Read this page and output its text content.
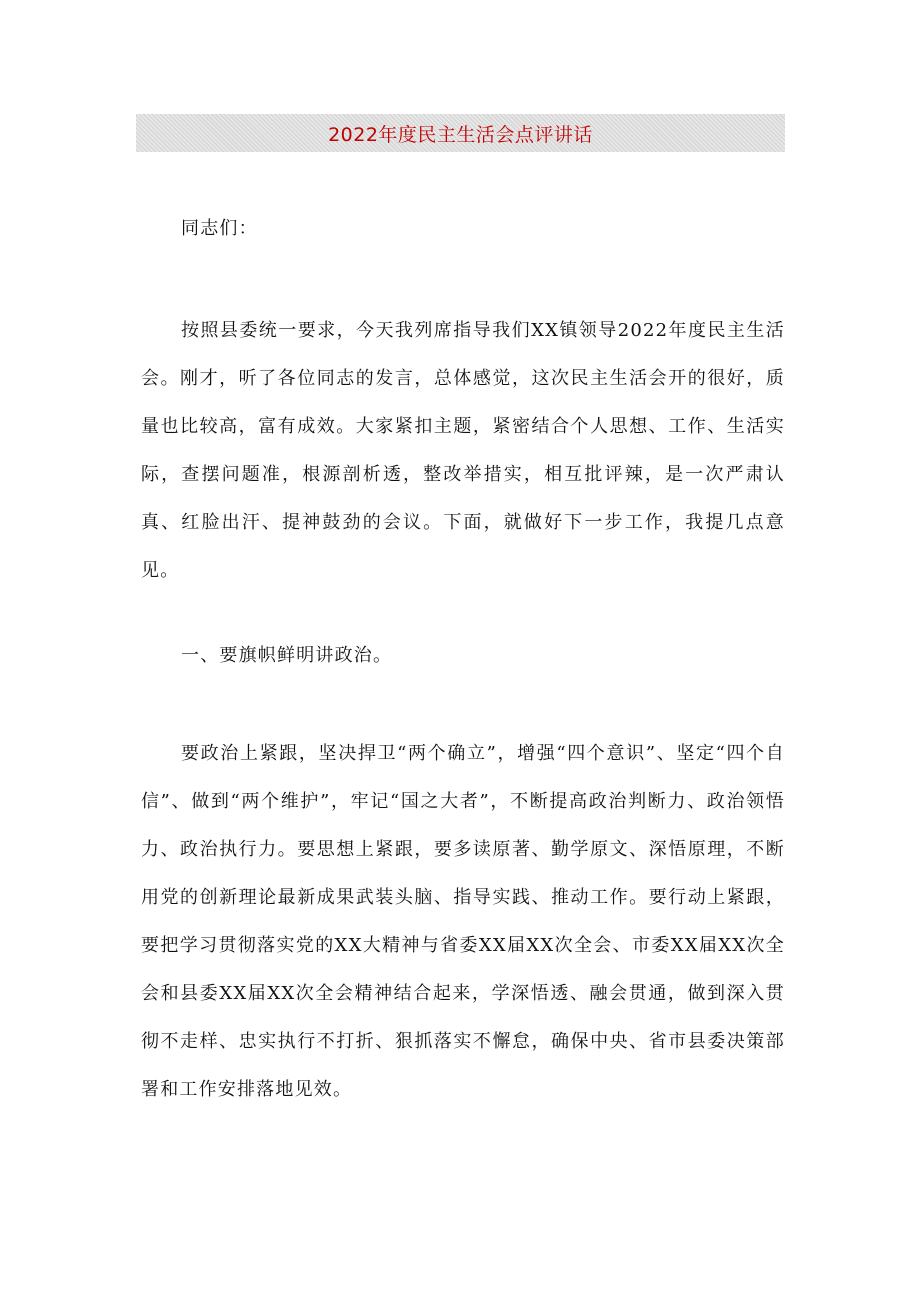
2022年度民主生活会点评讲话

同志们：

按照县委统一要求，今天我列席指导我们XX镇领导2022年度民主生活会。刚才，听了各位同志的发言，总体感觉，这次民主生活会开的很好，质量也比较高，富有成效。大家紧扣主题，紧密结合个人思想、工作、生活实际，查摆问题准，根源剖析透，整改举措实，相互批评辣，是一次严肃认真、红脸出汗、提神鼓劲的会议。下面，就做好下一步工作，我提几点意见。

一、要旗帜鲜明讲政治。

要政治上紧跟，坚决捍卫“两个确立”，增强“四个意识”、坚定“四个自信”、做到“两个维护”，牢记“国之大者”，不断提高政治判断力、政治领悟力、政治执行力。要思想上紧跟，要多读原著、勤学原文、深悟原理，不断用党的创新理论最新成果武装头脑、指导实践、推动工作。要行动上紧跟，要把学习贯彻落实党的XX大精神与省委XX届XX次全会、市委XX届XX次全会和县委XX届XX次全会精神结合起来，学深悟透、融会贯通，做到深入贯彻不走样、忠实执行不打折、狠抓落实不懈怠，确保中央、省市县委决策部署和工作安排落地见效。
